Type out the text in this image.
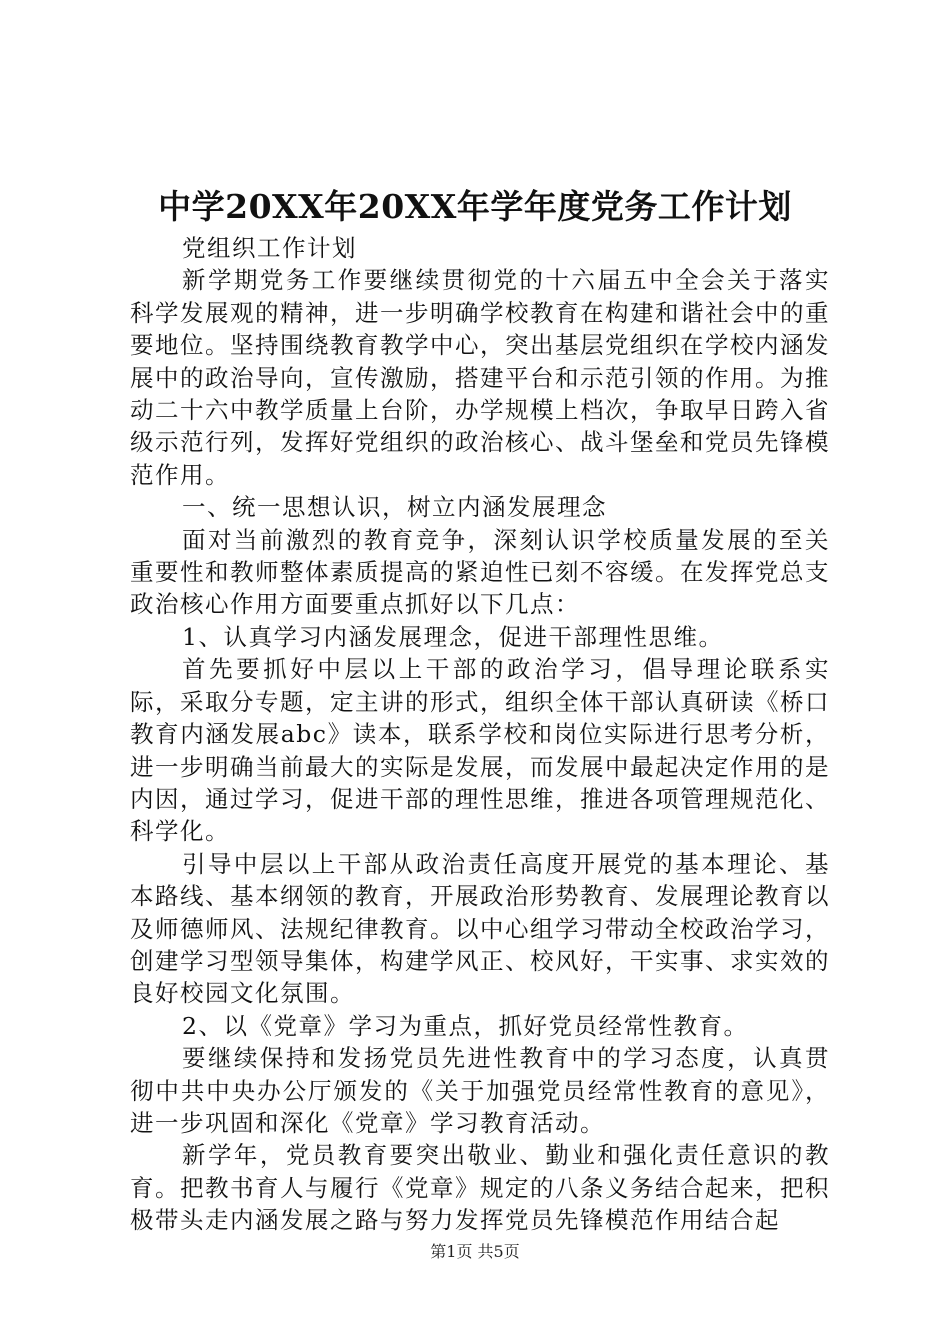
中学20XX年20XX年学年度党务工作计划

党组织工作计划

新学期党务工作要继续贯彻党的十六届五中全会关于落实科学发展观的精神，进一步明确学校教育在构建和谐社会中的重要地位。坚持围绕教育教学中心，突出基层党组织在学校内涵发展中的政治导向，宣传激励，搭建平台和示范引领的作用。为推动二十六中教学质量上台阶，办学规模上档次，争取早日跨入省级示范行列，发挥好党组织的政治核心、战斗堡垒和党员先锋模范作用。

一、统一思想认识，树立内涵发展理念

面对当前激烈的教育竞争，深刻认识学校质量发展的至关重要性和教师整体素质提高的紧迫性已刻不容缓。在发挥党总支政治核心作用方面要重点抓好以下几点：

1、认真学习内涵发展理念，促进干部理性思维。

首先要抓好中层以上干部的政治学习，倡导理论联系实际，采取分专题，定主讲的形式，组织全体干部认真研读《桥口教育内涵发展abc》读本，联系学校和岗位实际进行思考分析，进一步明确当前最大的实际是发展，而发展中最起决定作用的是内因，通过学习，促进干部的理性思维，推进各项管理规范化、科学化。

引导中层以上干部从政治责任高度开展党的基本理论、基本路线、基本纲领的教育，开展政治形势教育、发展理论教育以及师德师风、法规纪律教育。以中心组学习带动全校政治学习，创建学习型领导集体，构建学风正、校风好，干实事、求实效的良好校园文化氛围。

2、以《党章》学习为重点，抓好党员经常性教育。

要继续保持和发扬党员先进性教育中的学习态度，认真贯彻中共中央办公厅颁发的《关于加强党员经常性教育的意见》，进一步巩固和深化《党章》学习教育活动。

新学年，党员教育要突出敬业、勤业和强化责任意识的教育。把教书育人与履行《党章》规定的八条义务结合起来，把积极带头走内涵发展之路与努力发挥党员先锋模范作用结合起

第1页 共5页
